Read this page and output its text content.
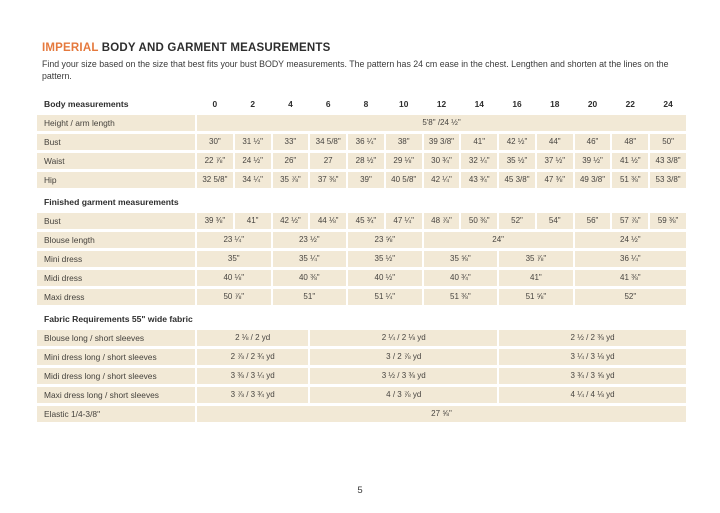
IMPERIAL BODY AND GARMENT MEASUREMENTS

Find your size based on the size that best fits your bust BODY measurements. The pattern has 24 cm ease in the chest. Lengthen and shorten at the lines on the pattern.

Body measurements	0	2	4	6	8	10	12	14	16	18	20	22	24
Height / arm length	5'8" /24 ½"												
Bust	30"	31 ½"	33"	34 5/8"	36 ¼"	38"	39 3/8"	41"	42 ½"	44"	46"	48"	50"
Waist	22 ⅞"	24 ½"	26"	27	28 ½"	29 ⅛"	30 ¾"	32 ¼"	35 ½"	37 ½"	39 ½"	41 ½"	43 3/8"
Hip	32 5/8"	34 ¼"	35 ⅞"	37 ⅜"	39"	40 5/8"	42 ¼"	43 ¾"	45 3/8"	47 ⅜"	49 3/8"	51 ⅜"	53 3/8"
Finished garment measurements													
Bust	39 ⅜"	41"	42 ½"	44 ⅛"	45 ¾"	47 ¼"	48 ⅞"	50 ⅜"	52"	54"	56"	57 ⅞"	59 ⅜"
Blouse length	23 ¼"		23 ½"		23 ⅝"		24"				24 ½"		
Mini dress	35"		35 ¼"		35 ½"		35 ⅝"		35 ⅞"		36 ¼"		
Midi dress	40 ⅛"		40 ⅜"		40 ½"		40 ¾"		41"		41 ⅜"		
Maxi dress	50 ⅞"		51"		51 ¼"		51 ⅜"		51 ⅝"		52"		
Fabric Requirements 55" wide fabric													
Blouse long / short sleeves	2 ⅛ / 2 yd			2 ¼ / 2 ⅛ yd					2 ½ / 2 ⅜ yd				
Mini dress long / short sleeves	2 ⅞ / 2 ¾ yd			3 / 2 ⅞ yd					3 ¼ / 3 ⅛ yd				
Midi dress long / short sleeves	3 ⅜ / 3 ¼ yd			3 ½ / 3 ⅜ yd					3 ¾ / 3 ⅝ yd				
Maxi dress long / short sleeves	3 ⅞ / 3 ¾ yd			4 / 3 ⅞ yd					4 ¼ / 4 ⅛ yd				
Elastic 1/4-3/8"	27 ⅝"												
5
